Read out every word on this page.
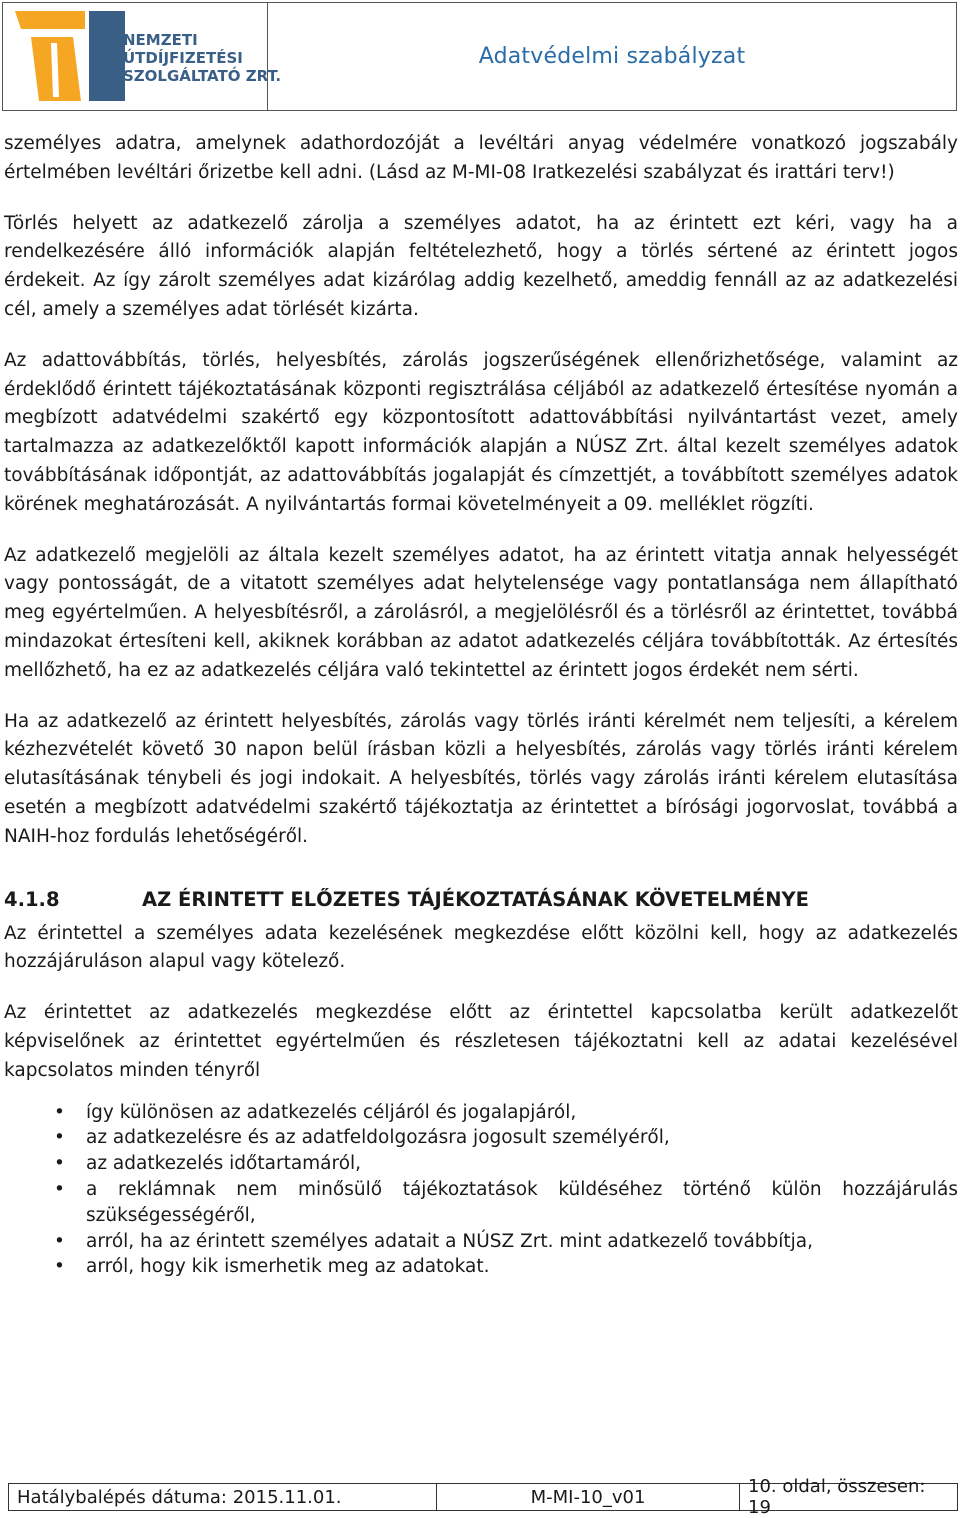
NEMZETI
ÚTDÍJFIZETÉSI
SZOLGÁLTATÓ ZRT.
Adatvédelmi szabályzat

személyes adatra, amelynek adathordozóját a levéltári anyag védelmére vonatkozó jogszabály értelmében levéltári őrizetbe kell adni. (Lásd az M-MI-08 Iratkezelési szabályzat és irattári terv!)

Törlés helyett az adatkezelő zárolja a személyes adatot, ha az érintett ezt kéri, vagy ha a rendelkezésére álló információk alapján feltételezhető, hogy a törlés sértené az érintett jogos érdekeit. Az így zárolt személyes adat kizárólag addig kezelhető, ameddig fennáll az az adatkezelési cél, amely a személyes adat törlését kizárta.

Az adattovábbítás, törlés, helyesbítés, zárolás jogszerűségének ellenőrizhetősége, valamint az érdeklődő érintett tájékoztatásának központi regisztrálása céljából az adatkezelő értesítése nyomán a megbízott adatvédelmi szakértő egy központosított adattovábbítási nyilvántartást vezet, amely tartalmazza az adatkezelőktől kapott információk alapján a NÚSZ Zrt. által kezelt személyes adatok továbbításának időpontját, az adattovábbítás jogalapját és címzettjét, a továbbított személyes adatok körének meghatározását. A nyilvántartás formai követelményeit a 09. melléklet rögzíti.

Az adatkezelő megjelöli az általa kezelt személyes adatot, ha az érintett vitatja annak helyességét vagy pontosságát, de a vitatott személyes adat helytelensége vagy pontatlansága nem állapítható meg egyértelműen. A helyesbítésről, a zárolásról, a megjelölésről és a törlésről az érintettet, továbbá mindazokat értesíteni kell, akiknek korábban az adatot adatkezelés céljára továbbították. Az értesítés mellőzhető, ha ez az adatkezelés céljára való tekintettel az érintett jogos érdekét nem sérti.

Ha az adatkezelő az érintett helyesbítés, zárolás vagy törlés iránti kérelmét nem teljesíti, a kérelem kézhezvételét követő 30 napon belül írásban közli a helyesbítés, zárolás vagy törlés iránti kérelem elutasításának ténybeli és jogi indokait. A helyesbítés, törlés vagy zárolás iránti kérelem elutasítása esetén a megbízott adatvédelmi szakértő tájékoztatja az érintettet a bírósági jogorvoslat, továbbá a NAIH-hoz fordulás lehetőségéről.

4.1.8	AZ ÉRINTETT ELŐZETES TÁJÉKOZTATÁSÁNAK KÖVETELMÉNYE

Az érintettel a személyes adata kezelésének megkezdése előtt közölni kell, hogy az adatkezelés hozzájáruláson alapul vagy kötelező.

Az érintettet az adatkezelés megkezdése előtt az érintettel kapcsolatba került adatkezelőt képviselőnek az érintettet egyértelműen és részletesen tájékoztatni kell az adatai kezelésével kapcsolatos minden tényről

• így különösen az adatkezelés céljáról és jogalapjáról,
• az adatkezelésre és az adatfeldolgozásra jogosult személyéről,
• az adatkezelés időtartamáról,
• a reklámnak nem minősülő tájékoztatások küldéséhez történő külön hozzájárulás szükségességéről,
• arról, ha az érintett személyes adatait a NÚSZ Zrt. mint adatkezelő továbbítja,
• arról, hogy kik ismerhetik meg az adatokat.
Hatálybalépés dátuma: 2015.11.01.	M-MI-10_v01	10. oldal, összesen: 19
